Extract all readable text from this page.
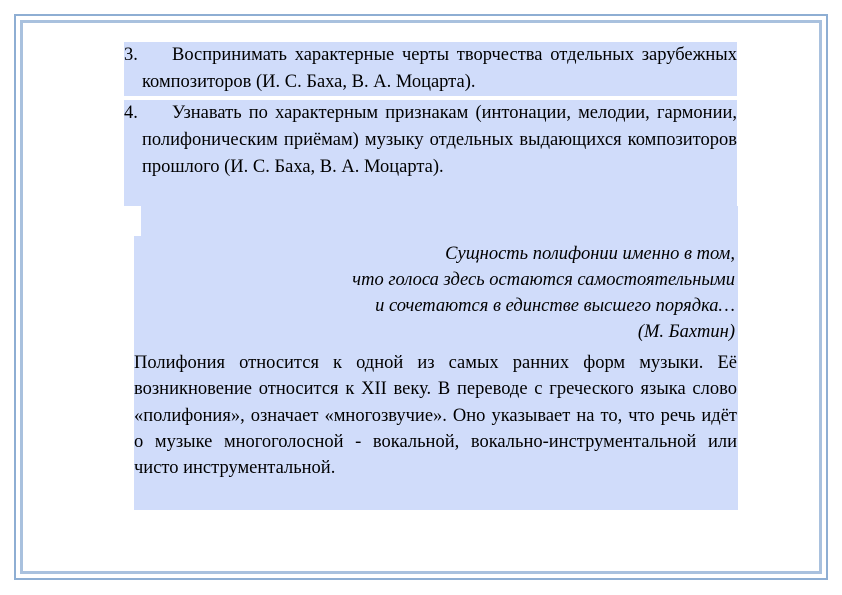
3.	Воспринимать характерные черты творчества отдельных зарубежных композиторов (И. С. Баха, В. А. Моцарта).
4.	Узнавать по характерным признакам (интонации, мелодии, гармонии, полифоническим приёмам) музыку отдельных выдающихся композиторов прошлого (И. С. Баха, В. А. Моцарта).
Сущность полифонии именно в том,
что голоса здесь остаются самостоятельными
и сочетаются в единстве высшего порядка…
(М. Бахтин)
Полифония относится к одной из самых ранних форм музыки. Её возникновение относится к XII веку. В переводе с греческого языка слово «полифония», означает «многозвучие». Оно указывает на то, что речь идёт о музыке многоголосной - вокальной, вокально-инструментальной или чисто инструментальной.
